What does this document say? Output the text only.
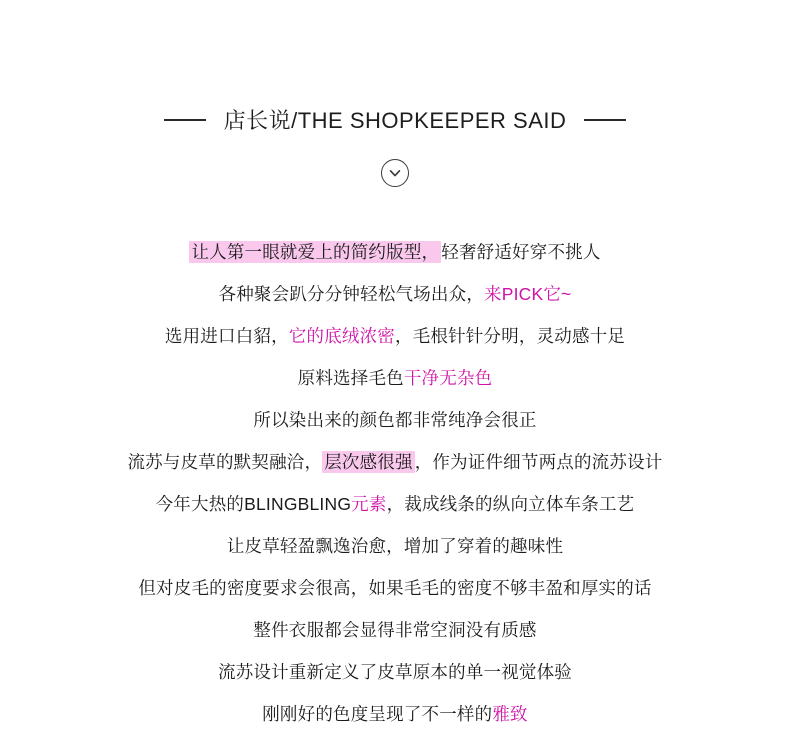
店长说/THE SHOPKEEPER SAID
让人第一眼就爱上的简约版型， 轻奢舒适好穿不挑人
各种聚会趴分分钟轻松气场出众，来PICK它~
选用进口白貂，它的底绒浓密，毛根针针分明，灵动感十足
原料选择毛色干净无杂色
所以染出来的颜色都非常纯净会很正
流苏与皮草的默契融洽， 层次感很强 ，作为证件细节两点的流苏设计
今年大热的BLINGBLING元素，裁成线条的纵向立体车条工艺
让皮草轻盈飘逸治愈，增加了穿着的趣味性
但对皮毛的密度要求会很高，如果毛毛的密度不够丰盈和厚实的话
整件衣服都会显得非常空洞没有质感
流苏设计重新定义了皮草原本的单一视觉体验
刚刚好的色度呈现了不一样的雅致
